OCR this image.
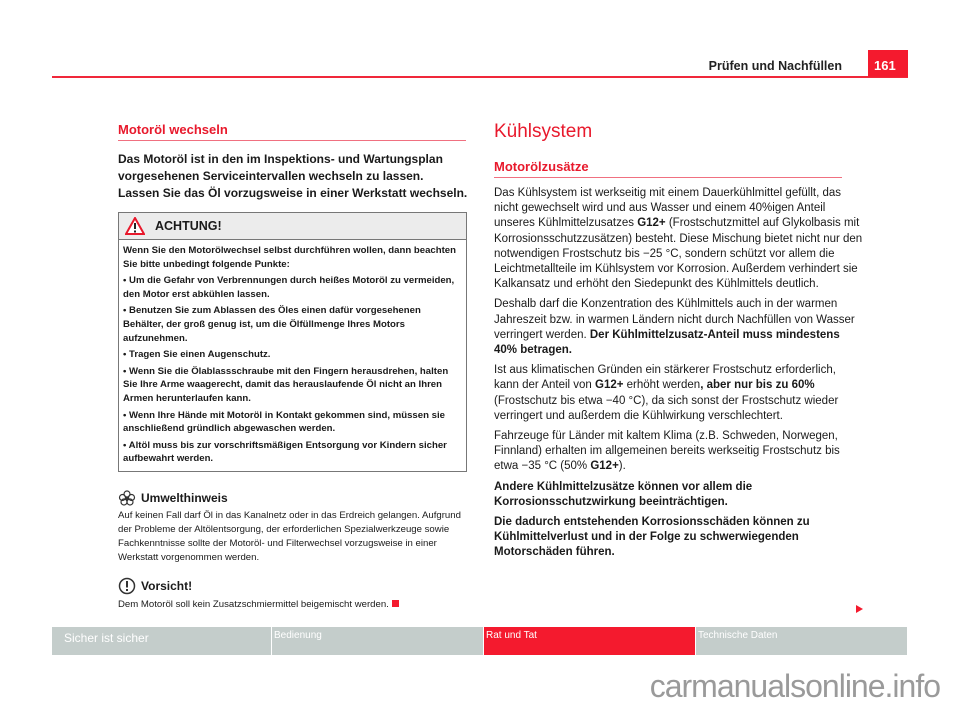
Prüfen und Nachfüllen	161
Motoröl wechseln
Das Motoröl ist in den im Inspektions- und Wartungsplan vorgesehenen Serviceintervallen wechseln zu lassen. Lassen Sie das Öl vorzugsweise in einer Werkstatt wechseln.
ACHTUNG!

Wenn Sie den Motorölwechsel selbst durchführen wollen, dann beachten Sie bitte unbedingt folgende Punkte:

• Um die Gefahr von Verbrennungen durch heißes Motoröl zu vermeiden, den Motor erst abkühlen lassen.

• Benutzen Sie zum Ablassen des Öles einen dafür vorgesehenen Behälter, der groß genug ist, um die Ölfüllmenge Ihres Motors aufzunehmen.

• Tragen Sie einen Augenschutz.

• Wenn Sie die Ölablassschraube mit den Fingern herausdrehen, halten Sie Ihre Arme waagerecht, damit das herauslaufende Öl nicht an Ihren Armen herunterlaufen kann.

• Wenn Ihre Hände mit Motoröl in Kontakt gekommen sind, müssen sie anschließend gründlich abgewaschen werden.

• Altöl muss bis zur vorschriftsmäßigen Entsorgung vor Kindern sicher aufbewahrt werden.

Umwelthinweis
Auf keinen Fall darf Öl in das Kanalnetz oder in das Erdreich gelangen. Aufgrund der Probleme der Altölentsorgung, der erforderlichen Spezialwerkzeuge sowie Fachkenntnisse sollte der Motoröl- und Filterwechsel vorzugsweise in einer Werkstatt vorgenommen werden.
Vorsicht!
Dem Motoröl soll kein Zusatzschmiermittel beigemischt werden.
Kühlsystem
Motorölzusätze

Das Kühlsystem ist werkseitig mit einem Dauerkühlmittel gefüllt, das nicht gewechselt wird und aus Wasser und einem 40%igen Anteil unseres Kühlmittelzusatzes G12+ (Frostschutzmittel auf Glykolbasis mit Korrosionsschutzzusätzen) besteht. Diese Mischung bietet nicht nur den notwendigen Frostschutz bis −25 °C, sondern schützt vor allem die Leichtmetallteile im Kühlsystem vor Korrosion. Außerdem verhindert sie Kalkansatz und erhöht den Siedepunkt des Kühlmittels deutlich.

Deshalb darf die Konzentration des Kühlmittels auch in der warmen Jahreszeit bzw. in warmen Ländern nicht durch Nachfüllen von Wasser verringert werden. Der Kühlmittelzusatz-Anteil muss mindestens 40% betragen.

Ist aus klimatischen Gründen ein stärkerer Frostschutz erforderlich, kann der Anteil von G12+ erhöht werden, aber nur bis zu 60% (Frostschutz bis etwa −40 °C), da sich sonst der Frostschutz wieder verringert und außerdem die Kühlwirkung verschlechtert.

Fahrzeuge für Länder mit kaltem Klima (z.B. Schweden, Norwegen, Finnland) erhalten im allgemeinen bereits werkseitig Frostschutz bis etwa −35 °C (50% G12+).

Andere Kühlmittelzusätze können vor allem die Korrosionsschutzwirkung beeinträchtigen.

Die dadurch entstehenden Korrosionsschäden können zu Kühlmittelverlust und in der Folge zu schwerwiegenden Motorschäden führen.

Sicher ist sicher	Bedienung	Rat und Tat	Technische Daten
carmanualsonline.info
